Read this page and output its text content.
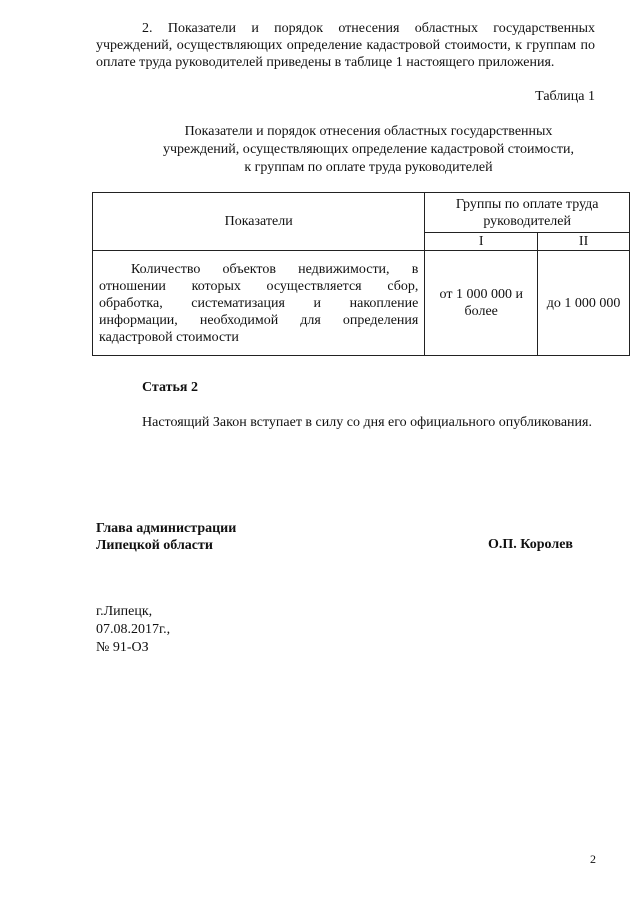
2. Показатели и порядок отнесения областных государственных учреждений, осуществляющих определение кадастровой стоимости, к группам по оплате труда руководителей приведены в таблице 1 настоящего приложения.
Таблица 1
Показатели и порядок отнесения областных государственных
учреждений, осуществляющих определение кадастровой стоимости,
к группам по оплате труда руководителей
Показатели	Группы по оплате труда руководителей	
	I	II
Количество объектов недвижимости, в отношении которых осуществляется сбор, обработка, систематизация и накопление информации, необходимой для определения кадастровой стоимости	от 1 000 000 и более	до 1 000 000
Статья 2
Настоящий Закон вступает в силу со дня его официального опубликования.
Глава администрации
Липецкой области	О.П. Королев
г.Липецк,
07.08.2017г.,
№ 91-ОЗ
2
